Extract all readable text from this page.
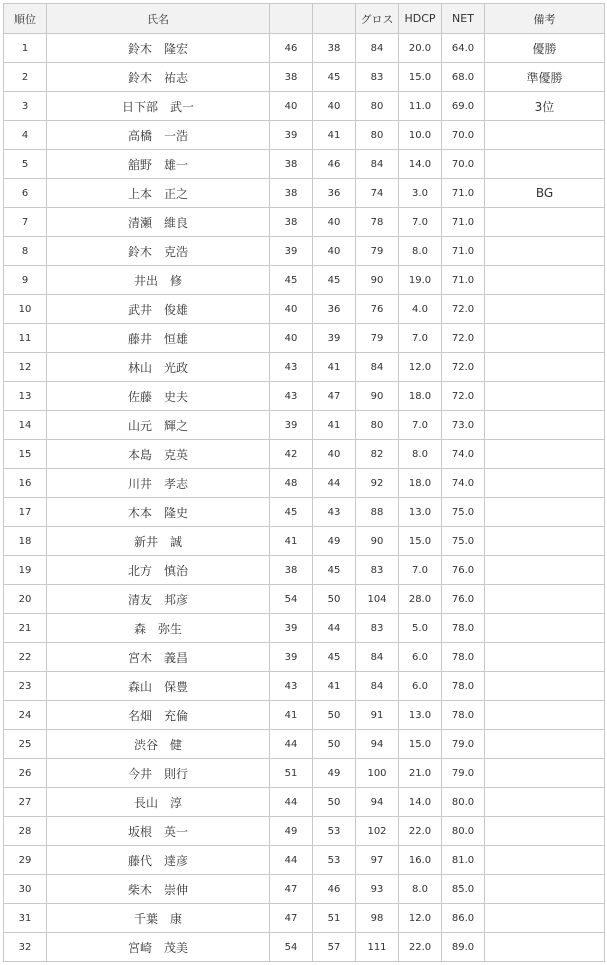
順位	氏名			グロス	HDCP	NET	備考
1	鈴木　隆宏	46	38	84	20.0	64.0	優勝
2	鈴木　祐志	38	45	83	15.0	68.0	準優勝
3	日下部　武一	40	40	80	11.0	69.0	3位
4	高橋　一浩	39	41	80	10.0	70.0	
5	舘野　雄一	38	46	84	14.0	70.0	
6	上本　正之	38	36	74	3.0	71.0	BG
7	清瀬　維良	38	40	78	7.0	71.0	
8	鈴木　克浩	39	40	79	8.0	71.0	
9	井出　修	45	45	90	19.0	71.0	
10	武井　俊雄	40	36	76	4.0	72.0	
11	藤井　恒雄	40	39	79	7.0	72.0	
12	林山　光政	43	41	84	12.0	72.0	
13	佐藤　史夫	43	47	90	18.0	72.0	
14	山元　輝之	39	41	80	7.0	73.0	
15	本島　克英	42	40	82	8.0	74.0	
16	川井　孝志	48	44	92	18.0	74.0	
17	木本　隆史	45	43	88	13.0	75.0	
18	新井　誠	41	49	90	15.0	75.0	
19	北方　慎治	38	45	83	7.0	76.0	
20	清友　邦彦	54	50	104	28.0	76.0	
21	森　弥生	39	44	83	5.0	78.0	
22	宮木　義昌	39	45	84	6.0	78.0	
23	森山　保豊	43	41	84	6.0	78.0	
24	名畑　充倫	41	50	91	13.0	78.0	
25	渋谷　健	44	50	94	15.0	79.0	
26	今井　則行	51	49	100	21.0	79.0	
27	長山　淳	44	50	94	14.0	80.0	
28	坂根　英一	49	53	102	22.0	80.0	
29	藤代　達彦	44	53	97	16.0	81.0	
30	柴木　崇伸	47	46	93	8.0	85.0	
31	千葉　康	47	51	98	12.0	86.0	
32	宮崎　茂美	54	57	111	22.0	89.0	
